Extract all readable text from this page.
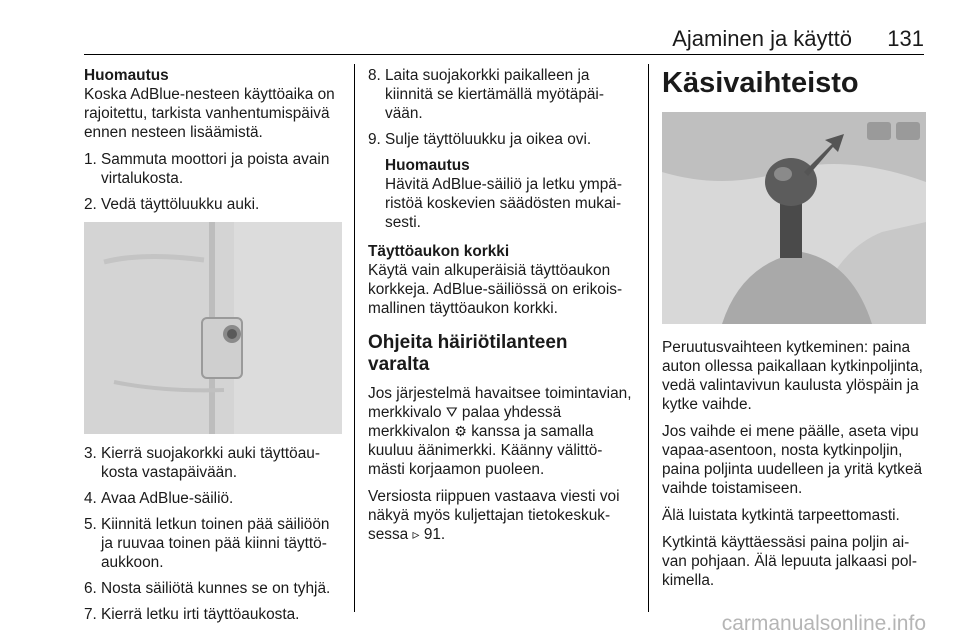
Ajaminen ja käyttö 131
Huomautus
Koska AdBlue-nesteen käyttöaika on rajoitettu, tarkista vanhentumispäivä ennen nesteen lisäämistä.
1. Sammuta moottori ja poista avain virtalukosta.
2. Vedä täyttöluukku auki.
3. Kierrä suojakorkki auki täyttöaukosta vastapäivään.
4. Avaa AdBlue-säiliö.
5. Kiinnitä letkun toinen pää säiliöön ja ruuvaa toinen pää kiinni täyttöaukkoon.
6. Nosta säiliötä kunnes se on tyhjä.
7. Kierrä letku irti täyttöaukosta.
8. Laita suojakorkki paikalleen ja kiinnitä se kiertämällä myötäpäivään.
9. Sulje täyttöluukku ja oikea ovi.
Huomautus
Hävitä AdBlue-säiliö ja letku ympäristöä koskevien säädösten mukaisesti.
Täyttöaukon korkki
Käytä vain alkuperäisiä täyttöaukon korkkeja. AdBlue-säiliössä on erikoismallinen täyttöaukon korkki.
Ohjeita häiriötilanteen varalta
Jos järjestelmä havaitsee toimintavian, merkkivalo ⛛ palaa yhdessä merkkivalon ⚙ kanssa ja samalla kuuluu äänimerkki. Käänny välittömästi korjaamon puoleen.
Versiosta riippuen vastaava viesti voi näkyä myös kuljettajan tietokeskuksessa ▹ 91.
Käsivaihteisto
Peruutusvaihteen kytkeminen: paina auton ollessa paikallaan kytkinpoljinta, vedä valintavivun kaulusta ylöspäin ja kytke vaihde.
Jos vaihde ei mene päälle, aseta vipu vapaa-asentoon, nosta kytkinpoljin, paina poljinta uudelleen ja yritä kytkeä vaihde toistamiseen.
Älä luistata kytkintä tarpeettomasti.
Kytkintä käyttäessäsi paina poljin aivan pohjaan. Älä lepuuta jalkaasi polkimella.
carmanualsonline.info
